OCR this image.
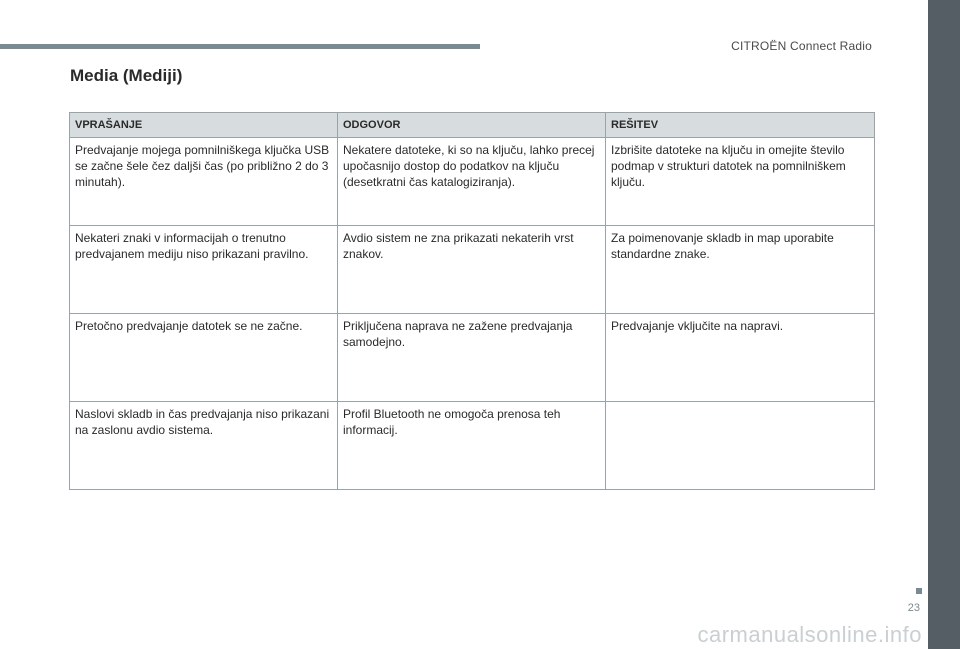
CITROËN Connect Radio
Media (Mediji)
VPRAŠANJE	ODGOVOR	REŠITEV
Predvajanje mojega pomnilniškega ključka USB se začne šele čez daljši čas (po približno 2 do 3 minutah).	Nekatere datoteke, ki so na ključu, lahko precej upočasnijo dostop do podatkov na ključu (desetkratni čas katalogiziranja).	Izbrišite datoteke na ključu in omejite število podmap v strukturi datotek na pomnilniškem ključu.
Nekateri znaki v informacijah o trenutno predvajanem mediju niso prikazani pravilno.	Avdio sistem ne zna prikazati nekaterih vrst znakov.	Za poimenovanje skladb in map uporabite standardne znake.
Pretočno predvajanje datotek se ne začne.	Priključena naprava ne zažene predvajanja samodejno.	Predvajanje vključite na napravi.
Naslovi skladb in čas predvajanja niso prikazani na zaslonu avdio sistema.	Profil Bluetooth ne omogoča prenosa teh informacij.	
23
carmanualsonline.info
